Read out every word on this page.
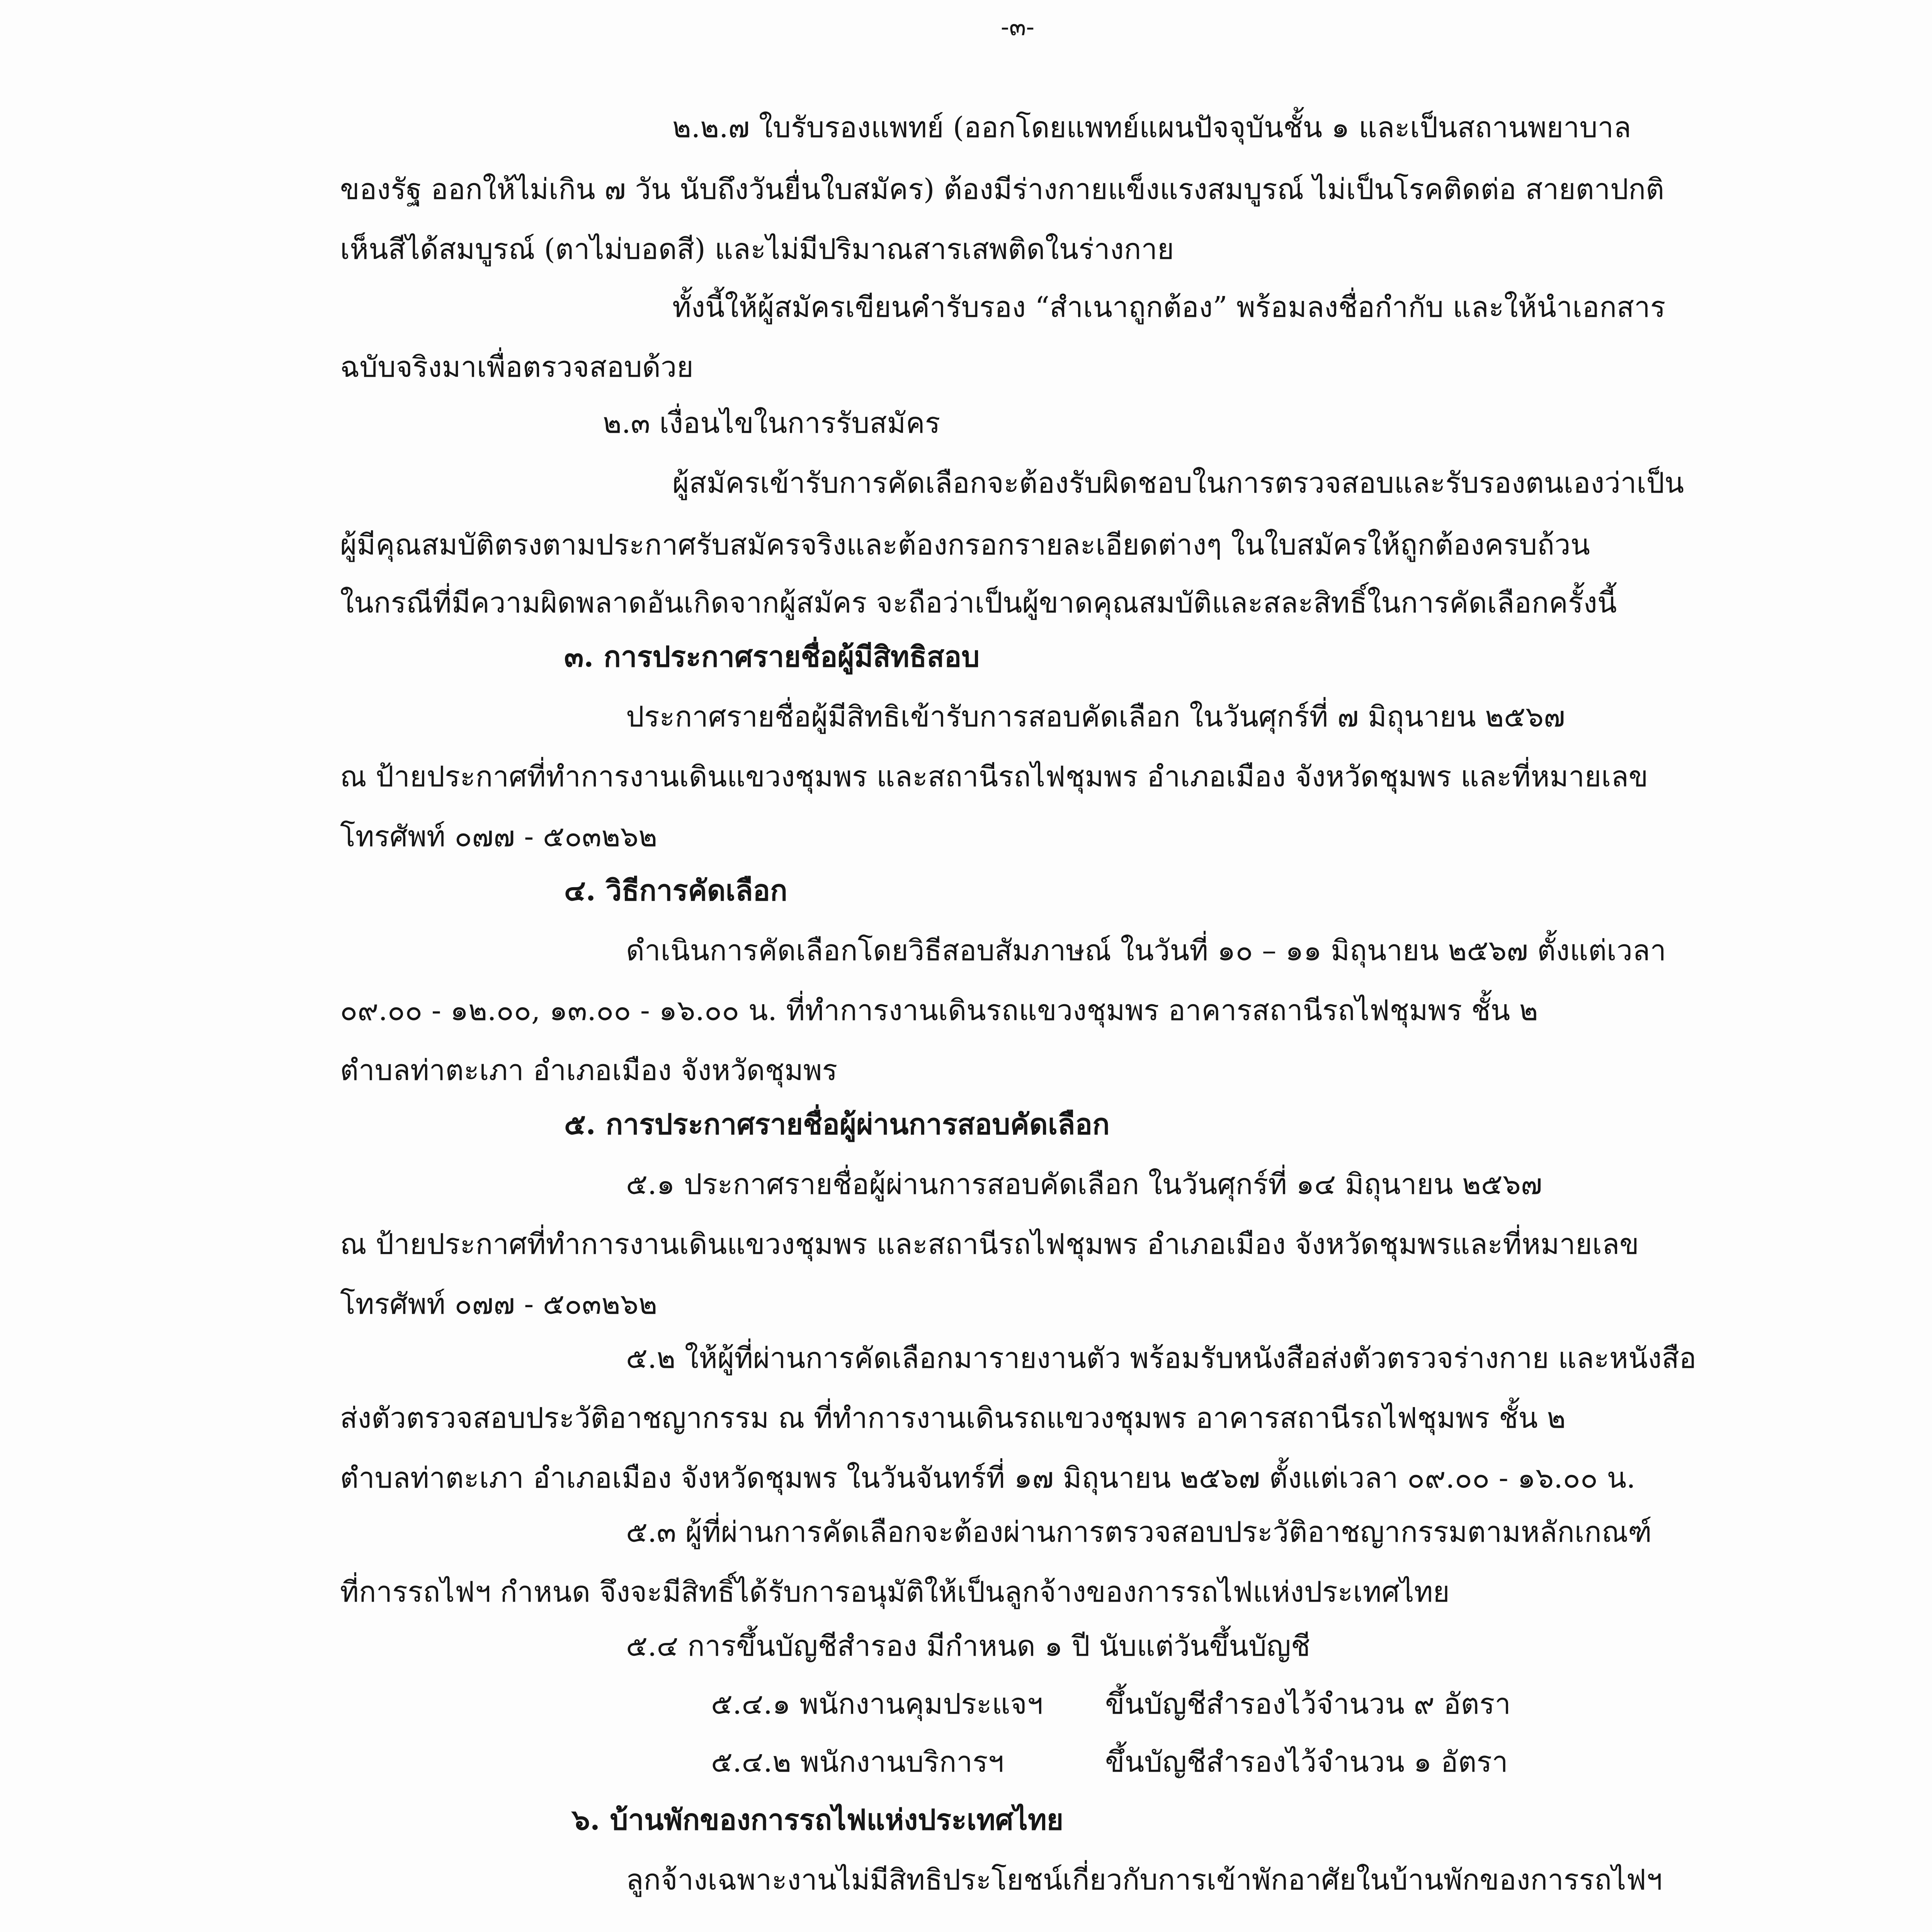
-๓-
๒.๒.๗ ใบรับรองแพทย์ (ออกโดยแพทย์แผนปัจจุบันชั้น ๑ และเป็นสถานพยาบาล
ของรัฐ ออกให้ไม่เกิน ๗ วัน นับถึงวันยื่นใบสมัคร) ต้องมีร่างกายแข็งแรงสมบูรณ์ ไม่เป็นโรคติดต่อ สายตาปกติ
เห็นสีได้สมบูรณ์ (ตาไม่บอดสี) และไม่มีปริมาณสารเสพติดในร่างกาย
ทั้งนี้ให้ผู้สมัครเขียนคำรับรอง “สำเนาถูกต้อง” พร้อมลงชื่อกำกับ และให้นำเอกสาร
ฉบับจริงมาเพื่อตรวจสอบด้วย
๒.๓ เงื่อนไขในการรับสมัคร
ผู้สมัครเข้ารับการคัดเลือกจะต้องรับผิดชอบในการตรวจสอบและรับรองตนเองว่าเป็น
ผู้มีคุณสมบัติตรงตามประกาศรับสมัครจริงและต้องกรอกรายละเอียดต่างๆ ในใบสมัครให้ถูกต้องครบถ้วน
ในกรณีที่มีความผิดพลาดอันเกิดจากผู้สมัคร จะถือว่าเป็นผู้ขาดคุณสมบัติและสละสิทธิ์ในการคัดเลือกครั้งนี้
๓. การประกาศรายชื่อผู้มีสิทธิสอบ
ประกาศรายชื่อผู้มีสิทธิเข้ารับการสอบคัดเลือก ในวันศุกร์ที่ ๗ มิถุนายน ๒๕๖๗
ณ ป้ายประกาศที่ทำการงานเดินแขวงชุมพร และสถานีรถไฟชุมพร อำเภอเมือง จังหวัดชุมพร และที่หมายเลข
โทรศัพท์ ๐๗๗ - ๕๐๓๒๖๒
๔. วิธีการคัดเลือก
ดำเนินการคัดเลือกโดยวิธีสอบสัมภาษณ์ ในวันที่ ๑๐ – ๑๑ มิถุนายน ๒๕๖๗ ตั้งแต่เวลา
๐๙.๐๐ - ๑๒.๐๐, ๑๓.๐๐ - ๑๖.๐๐ น. ที่ทำการงานเดินรถแขวงชุมพร อาคารสถานีรถไฟชุมพร ชั้น ๒
ตำบลท่าตะเภา อำเภอเมือง จังหวัดชุมพร
๕. การประกาศรายชื่อผู้ผ่านการสอบคัดเลือก
๕.๑ ประกาศรายชื่อผู้ผ่านการสอบคัดเลือก ในวันศุกร์ที่ ๑๔ มิถุนายน ๒๕๖๗
ณ ป้ายประกาศที่ทำการงานเดินแขวงชุมพร และสถานีรถไฟชุมพร อำเภอเมือง จังหวัดชุมพรและที่หมายเลข
โทรศัพท์ ๐๗๗ - ๕๐๓๒๖๒
๕.๒ ให้ผู้ที่ผ่านการคัดเลือกมารายงานตัว พร้อมรับหนังสือส่งตัวตรวจร่างกาย และหนังสือ
ส่งตัวตรวจสอบประวัติอาชญากรรม ณ ที่ทำการงานเดินรถแขวงชุมพร อาคารสถานีรถไฟชุมพร ชั้น ๒
ตำบลท่าตะเภา อำเภอเมือง จังหวัดชุมพร ในวันจันทร์ที่ ๑๗ มิถุนายน ๒๕๖๗ ตั้งแต่เวลา ๐๙.๐๐ - ๑๖.๐๐ น.
๕.๓ ผู้ที่ผ่านการคัดเลือกจะต้องผ่านการตรวจสอบประวัติอาชญากรรมตามหลักเกณฑ์
ที่การรถไฟฯ กำหนด จึงจะมีสิทธิ์ได้รับการอนุมัติให้เป็นลูกจ้างของการรถไฟแห่งประเทศไทย
๕.๔ การขึ้นบัญชีสำรอง มีกำหนด ๑ ปี นับแต่วันขึ้นบัญชี
๕.๔.๑ พนักงานคุมประแจฯ ขึ้นบัญชีสำรองไว้จำนวน ๙ อัตรา
๕.๔.๒ พนักงานบริการฯ	ขึ้นบัญชีสำรองไว้จำนวน ๑ อัตรา
๖. บ้านพักของการรถไฟแห่งประเทศไทย
ลูกจ้างเฉพาะงานไม่มีสิทธิประโยชน์เกี่ยวกับการเข้าพักอาศัยในบ้านพักของการรถไฟฯ
